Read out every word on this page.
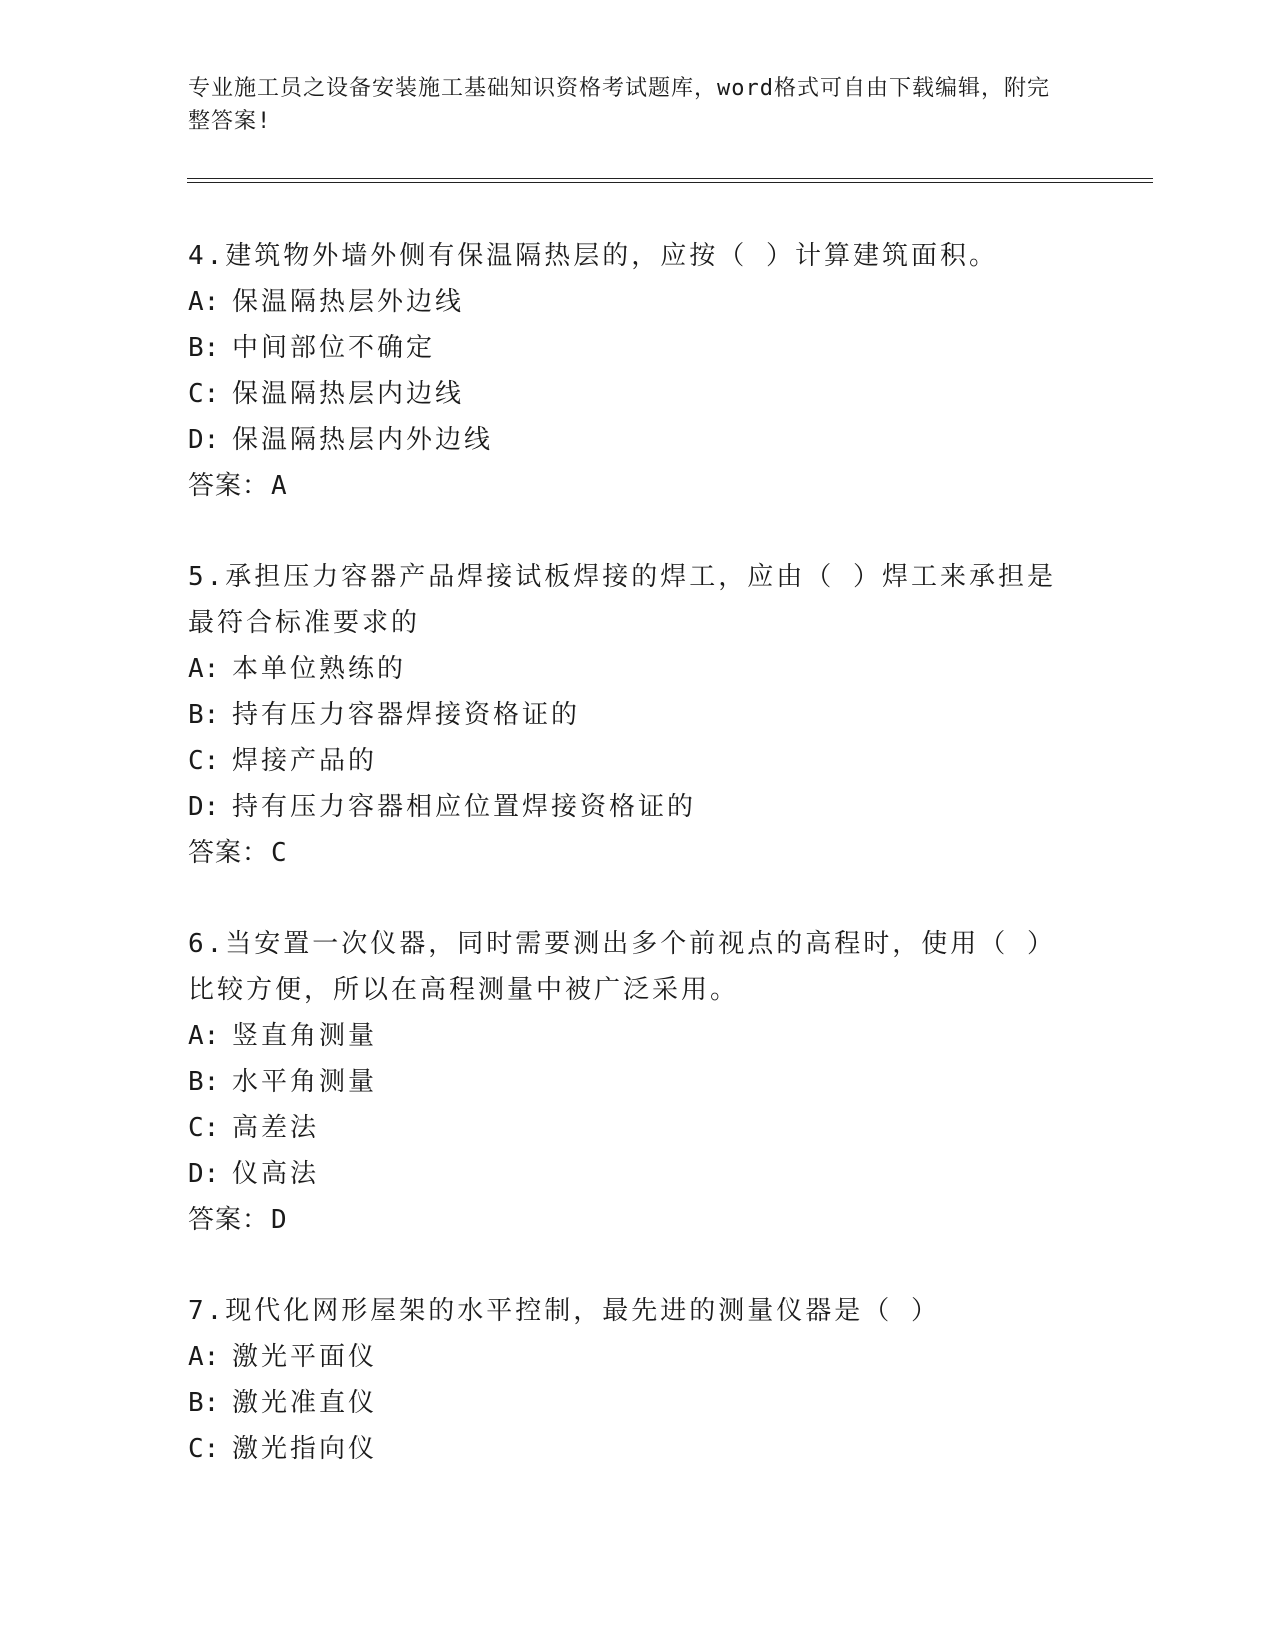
专业施工员之设备安装施工基础知识资格考试题库，word格式可自由下载编辑，附完整答案!
4.建筑物外墙外侧有保温隔热层的，应按（ ）计算建筑面积。
A: 保温隔热层外边线
B: 中间部位不确定
C: 保温隔热层内边线
D: 保温隔热层内外边线
答案：A
5.承担压力容器产品焊接试板焊接的焊工，应由（ ）焊工来承担是最符合标准要求的
A: 本单位熟练的
B: 持有压力容器焊接资格证的
C: 焊接产品的
D: 持有压力容器相应位置焊接资格证的
答案：C
6.当安置一次仪器，同时需要测出多个前视点的高程时，使用（ ）比较方便，所以在高程测量中被广泛采用。
A: 竖直角测量
B: 水平角测量
C: 高差法
D: 仪高法
答案：D
7.现代化网形屋架的水平控制，最先进的测量仪器是（ ）
A: 激光平面仪
B: 激光准直仪
C: 激光指向仪
